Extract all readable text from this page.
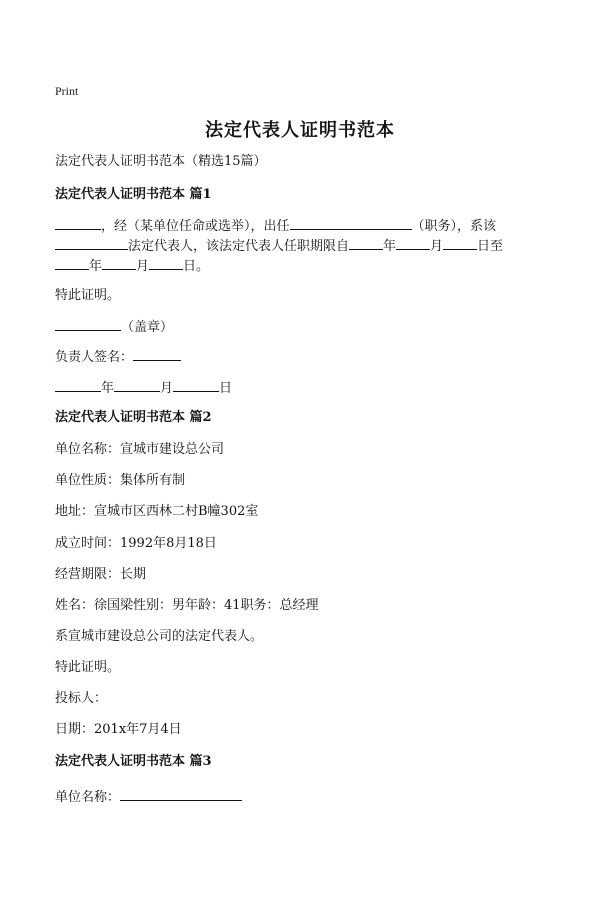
Print
法定代表人证明书范本
法定代表人证明书范本（精选15篇）
法定代表人证明书范本 篇1
，经（某单位任命或选举），出任	（职务），系该
法定代表人，该法定代表人任职期限自	年	月	日至
年	月	日。
特此证明。
（盖章）
负责人签名：
年	月	日
法定代表人证明书范本 篇2
单位名称：宣城市建设总公司
单位性质：集体所有制
地址：宣城市区西林二村B幢302室
成立时间：1992年8月18日
经营期限：长期
姓名：徐国梁性别：男年龄：41职务：总经理
系宣城市建设总公司的法定代表人。
特此证明。
投标人：
日期：201x年7月4日
法定代表人证明书范本 篇3
单位名称：
